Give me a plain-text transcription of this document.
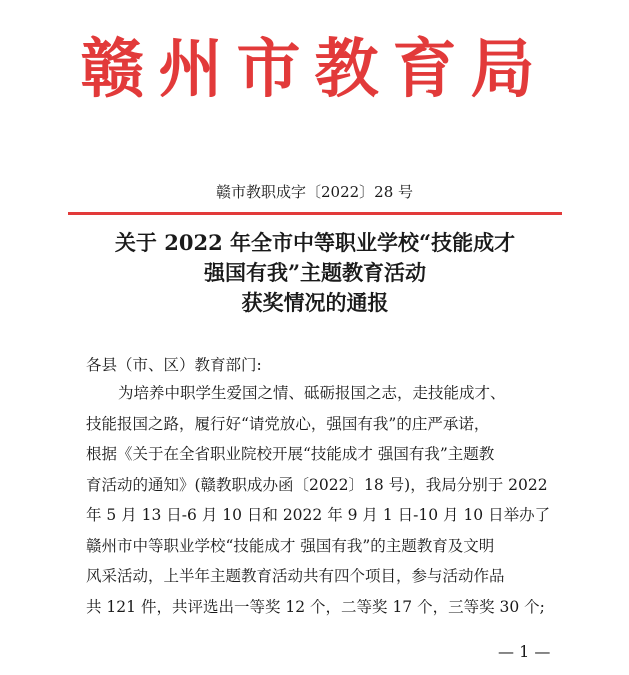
赣州市教育局
赣市教职成字〔2022〕28 号
关于 2022 年全市中等职业学校“技能成才
强国有我”主题教育活动
获奖情况的通报
各县（市、区）教育部门:
为培养中职学生爱国之情、砥砺报国之志，走技能成才、
技能报国之路，履行好“请党放心，强国有我”的庄严承诺，
根据《关于在全省职业院校开展“技能成才 强国有我”主题教
育活动的通知》(赣教职成办函〔2022〕18 号)，我局分别于 2022
年 5 月 13 日-6 月 10 日和 2022 年 9 月 1 日-10 月 10 日举办了
赣州市中等职业学校“技能成才 强国有我”的主题教育及文明
风采活动，上半年主题教育活动共有四个项目，参与活动作品
共 121 件，共评选出一等奖 12 个，二等奖 17 个，三等奖 30 个;
— 1 —
